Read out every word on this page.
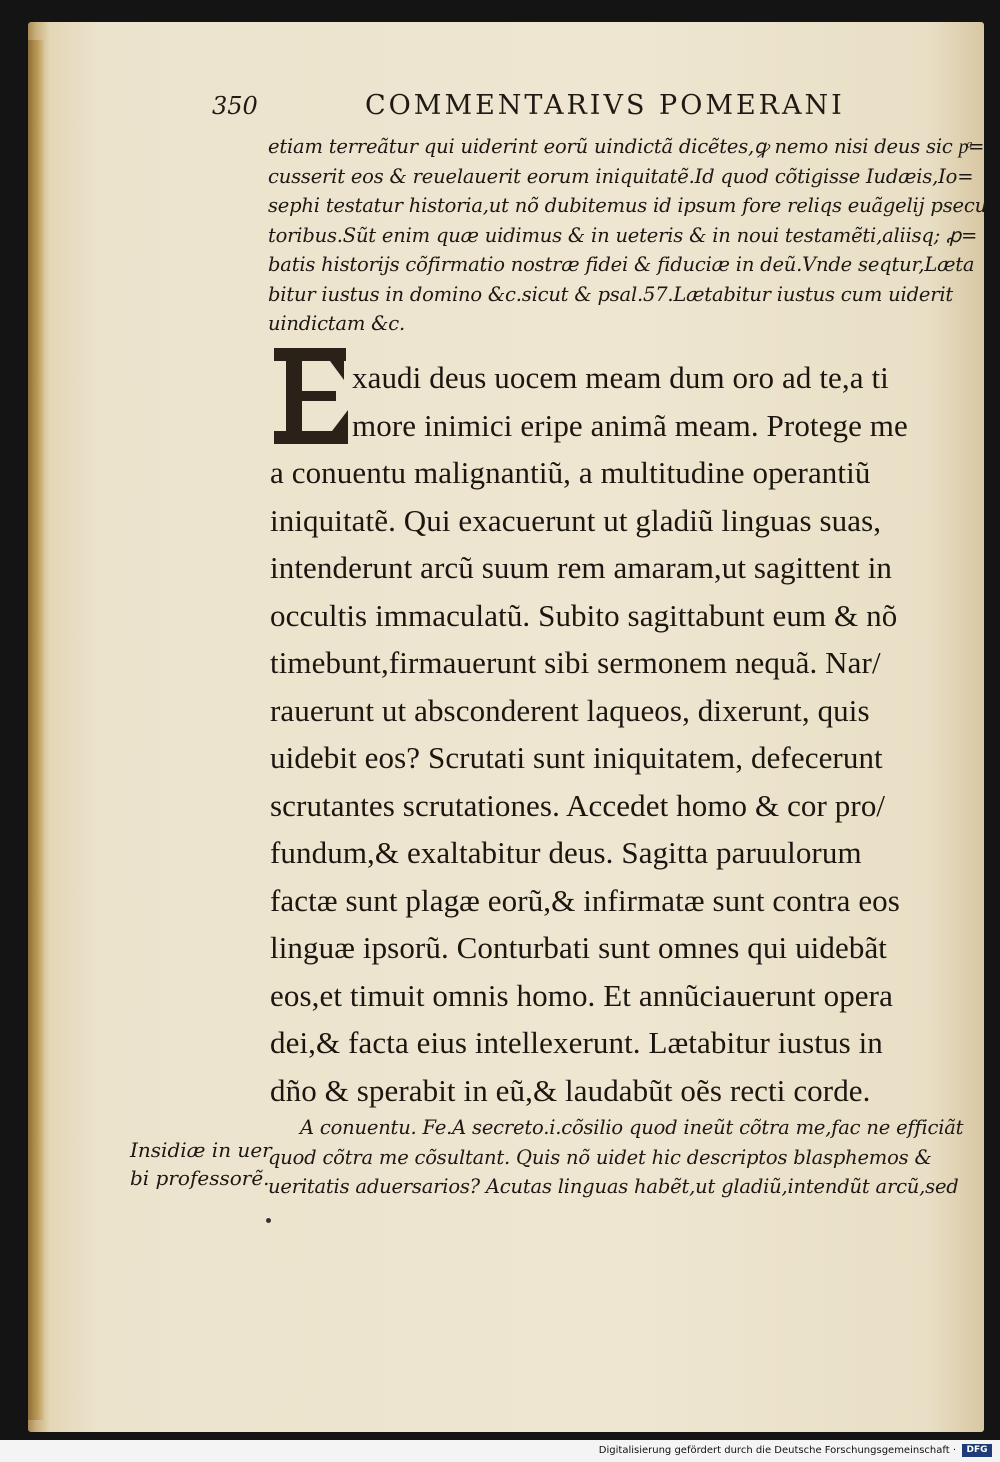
350	COMMENTARIVS POMERANI
etiam terreãtur qui uiderint eorũ uindictã dicẽtes,ꝙ nemo nisi deus sic pͣ=
cusserit eos & reuelauerit eorum iniquitatẽ.Id quod cõtigisse Iudæis,Io=
sephi testatur historia,ut nõ dubitemus id ipsum fore reliqs euãgelij psecu
toribus.Sũt enim quæ uidimus & in ueteris & in noui testamẽti,aliisq; ꝓ=
batis historijs cõfirmatio nostræ fidei & fiduciæ in deũ.Vnde seqtur,Læta
bitur iustus in domino &c.sicut & psal.57.Lætabitur iustus cum uiderit
uindictam &c.
E
xaudi deus uocem meam dum oro ad te,a ti
more inimici eripe animã meam. Protege me
a conuentu malignantiũ, a multitudine operantiũ
iniquitatẽ. Qui exacuerunt ut gladiũ linguas suas,
intenderunt arcũ suum rem amaram,ut sagittent in
occultis immaculatũ. Subito sagittabunt eum & nõ
timebunt,firmauerunt sibi sermonem nequã. Nar/
rauerunt ut absconderent laqueos, dixerunt, quis
uidebit eos? Scrutati sunt iniquitatem, defecerunt
scrutantes scrutationes. Accedet homo & cor pro/
fundum,& exaltabitur deus. Sagitta paruulorum
factæ sunt plagæ eorũ,& infirmatæ sunt contra eos
linguæ ipsorũ. Conturbati sunt omnes qui uidebãt
eos,et timuit omnis homo. Et annũciauerunt opera
dei,& facta eius intellexerunt. Lætabitur iustus in
dño & sperabit in eũ,& laudabũt oẽs recti corde.
A conuentu. Fe.A secreto.i.cõsilio quod ineũt cõtra me,fac ne efficiãt
quod cõtra me cõsultant. Quis nõ uidet hic descriptos blasphemos &
ueritatis aduersarios? Acutas linguas habẽt,ut gladiũ,intendũt arcũ,sed
Insidiæ in uer
bi professorẽ.
Digitalisierung gefördert durch die Deutsche Forschungsgemeinschaft ·	DFG
